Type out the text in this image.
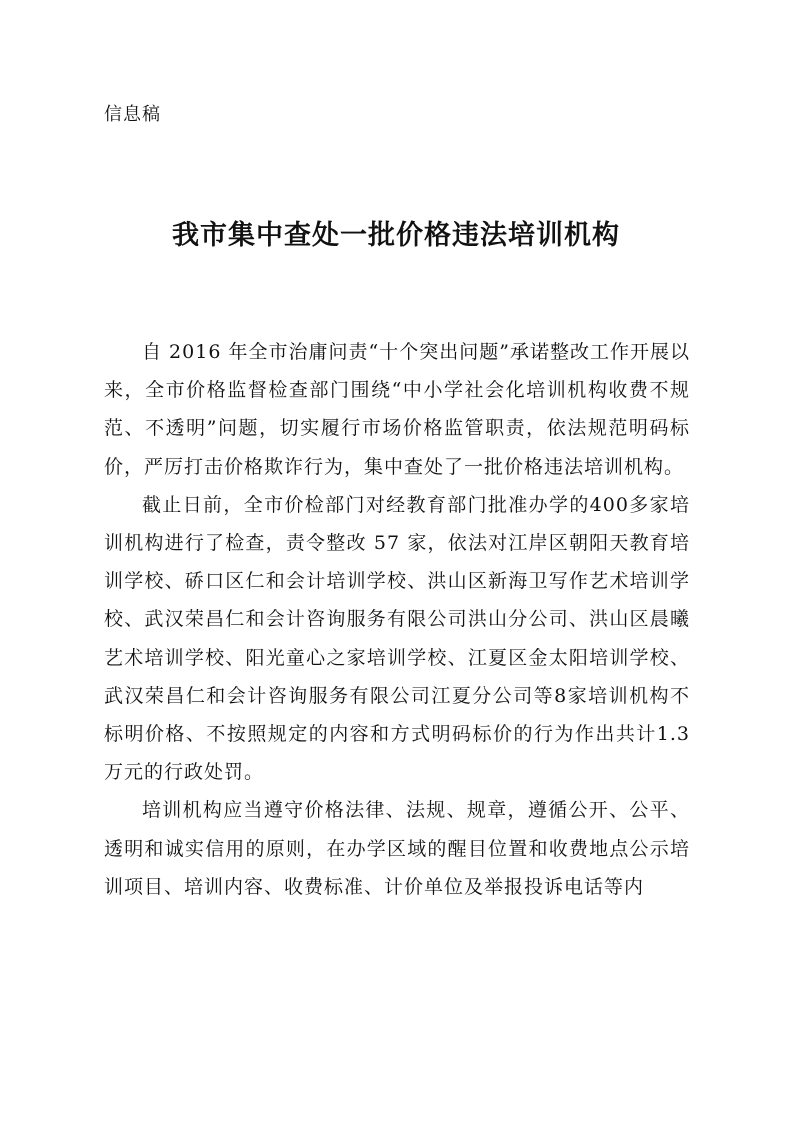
信息稿
我市集中查处一批价格违法培训机构

自 2016 年全市治庸问责“十个突出问题”承诺整改工作开展以来，全市价格监督检查部门围绕“中小学社会化培训机构收费不规范、不透明”问题，切实履行市场价格监管职责，依法规范明码标价，严厉打击价格欺诈行为，集中查处了一批价格违法培训机构。

截止日前，全市价检部门对经教育部门批准办学的400多家培训机构进行了检查，责令整改 57 家，依法对江岸区朝阳天教育培训学校、硚口区仁和会计培训学校、洪山区新海卫写作艺术培训学校、武汉荣昌仁和会计咨询服务有限公司洪山分公司、洪山区晨曦艺术培训学校、阳光童心之家培训学校、江夏区金太阳培训学校、武汉荣昌仁和会计咨询服务有限公司江夏分公司等8家培训机构不标明价格、不按照规定的内容和方式明码标价的行为作出共计1.3万元的行政处罚。

培训机构应当遵守价格法律、法规、规章，遵循公开、公平、透明和诚实信用的原则，在办学区域的醒目位置和收费地点公示培训项目、培训内容、收费标准、计价单位及举报投诉电话等内
